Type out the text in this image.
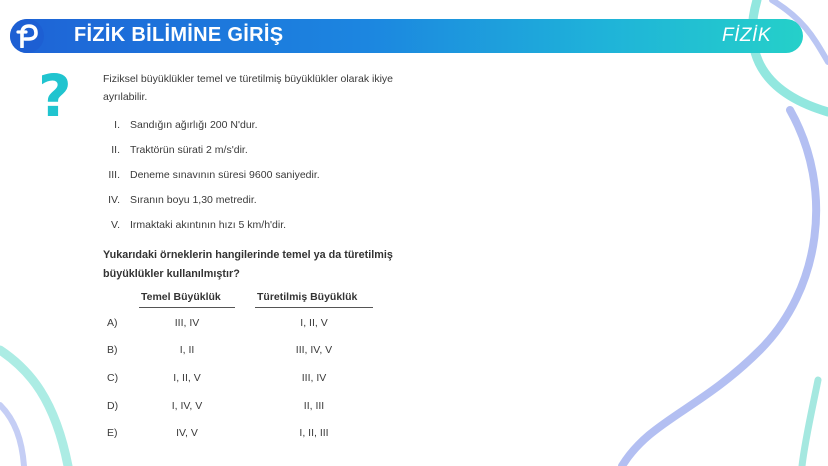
FİZİK BİLİMİNE GİRİŞ	FİZİK
?	Fiziksel büyüklükler temel ve türetilmiş büyüklükler olarak ikiye ayrılabilir.

I. Sandığın ağırlığı 200 N'dur.
II. Traktörün sürati 2 m/s'dir.
III. Deneme sınavının süresi 9600 saniyedir.
IV. Sıranın boyu 1,30 metredir.
V. Irmaktaki akıntının hızı 5 km/h'dir.

Yukarıdaki örneklerin hangilerinde temel ya da türetilmiş büyüklükler kullanılmıştır?

Temel Büyüklük	Türetilmiş Büyüklük
A)	III, IV	I, II, V
B)	I, II	III, IV, V
C)	I, II, V	III, IV
D)	I, IV, V	II, III
E)	IV, V	I, II, III
